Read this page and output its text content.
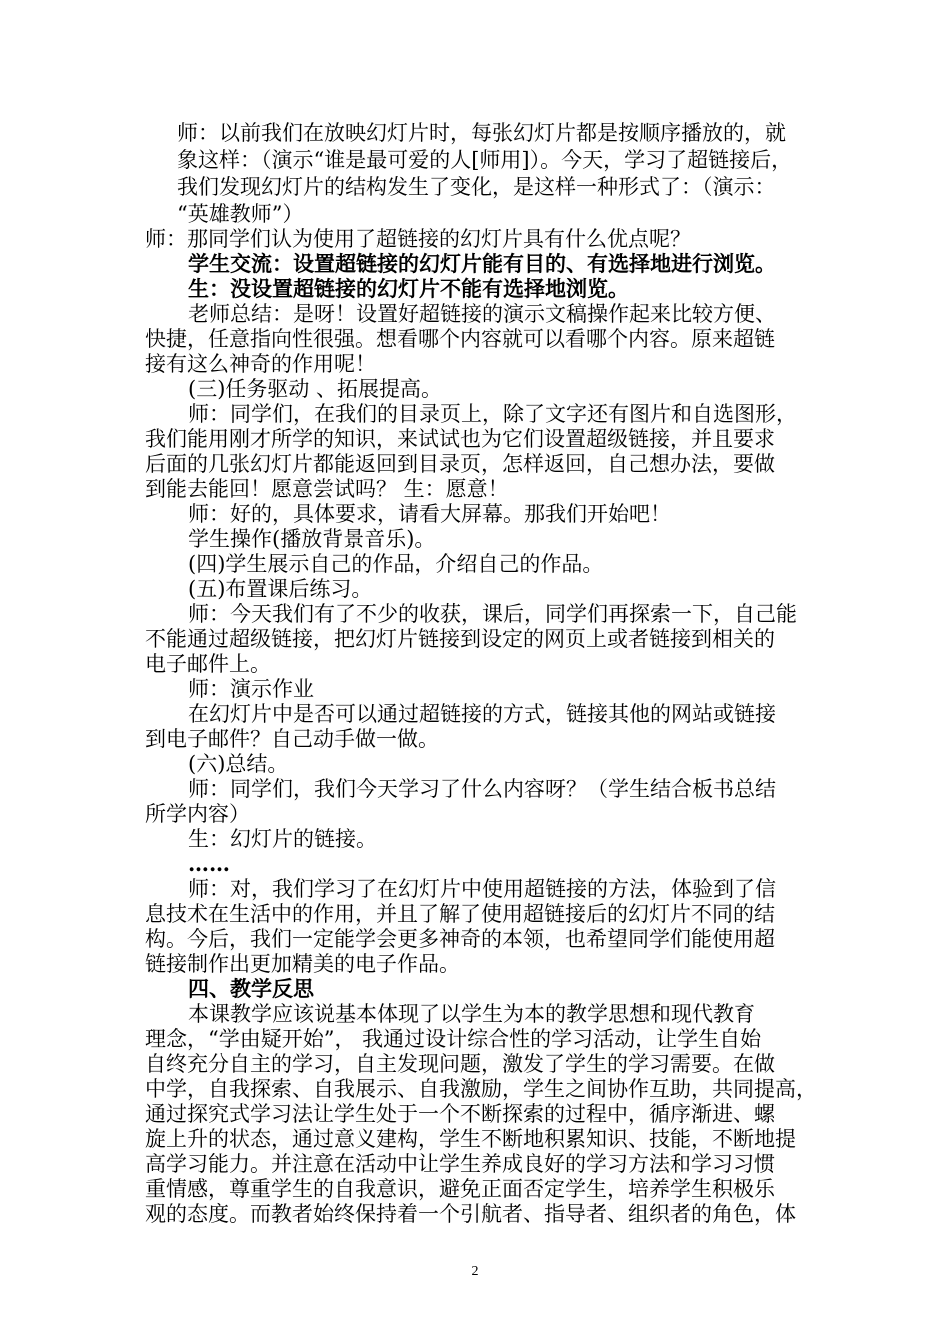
师：以前我们在放映幻灯片时，每张幻灯片都是按顺序播放的，就
象这样：（演示“谁是最可爱的人[师用]）。今天，学习了超链接后，
我们发现幻灯片的结构发生了变化，是这样一种形式了：（演示：
“英雄教师”）
师：那同学们认为使用了超链接的幻灯片具有什么优点呢？
学生交流：设置超链接的幻灯片能有目的、有选择地进行浏览。
生：没设置超链接的幻灯片不能有选择地浏览。
老师总结：是呀！设置好超链接的演示文稿操作起来比较方便、
快捷，任意指向性很强。想看哪个内容就可以看哪个内容。原来超链
接有这么神奇的作用呢！
(三)任务驱动 、拓展提高。
师：同学们，在我们的目录页上，除了文字还有图片和自选图形，
我们能用刚才所学的知识，来试试也为它们设置超级链接，并且要求
后面的几张幻灯片都能返回到目录页，怎样返回，自己想办法，要做
到能去能回！愿意尝试吗？ 生：愿意！
师：好的，具体要求，请看大屏幕。那我们开始吧！
学生操作(播放背景音乐)。
(四)学生展示自己的作品，介绍自己的作品。
(五)布置课后练习。
师：今天我们有了不少的收获，课后，同学们再探索一下，自己能
不能通过超级链接，把幻灯片链接到设定的网页上或者链接到相关的
电子邮件上。
师：演示作业
在幻灯片中是否可以通过超链接的方式，链接其他的网站或链接
到电子邮件？自己动手做一做。
(六)总结。
师：同学们，我们今天学习了什么内容呀？（学生结合板书总结
所学内容）
生：幻灯片的链接。
……
师：对，我们学习了在幻灯片中使用超链接的方法，体验到了信
息技术在生活中的作用，并且了解了使用超链接后的幻灯片不同的结
构。今后，我们一定能学会更多神奇的本领，也希望同学们能使用超
链接制作出更加精美的电子作品。
四、教学反思
本课教学应该说基本体现了以学生为本的教学思想和现代教育
理念，“学由疑开始”， 我通过设计综合性的学习活动，让学生自始
自终充分自主的学习，自主发现问题，激发了学生的学习需要。在做
中学，自我探索、自我展示、自我激励，学生之间协作互助，共同提高，
通过探究式学习法让学生处于一个不断探索的过程中，循序渐进、螺
旋上升的状态，通过意义建构，学生不断地积累知识、技能，不断地提
高学习能力。并注意在活动中让学生养成良好的学习方法和学习习惯
重情感，尊重学生的自我意识，避免正面否定学生，培养学生积极乐
观的态度。而教者始终保持着一个引航者、指导者、组织者的角色，体
2
